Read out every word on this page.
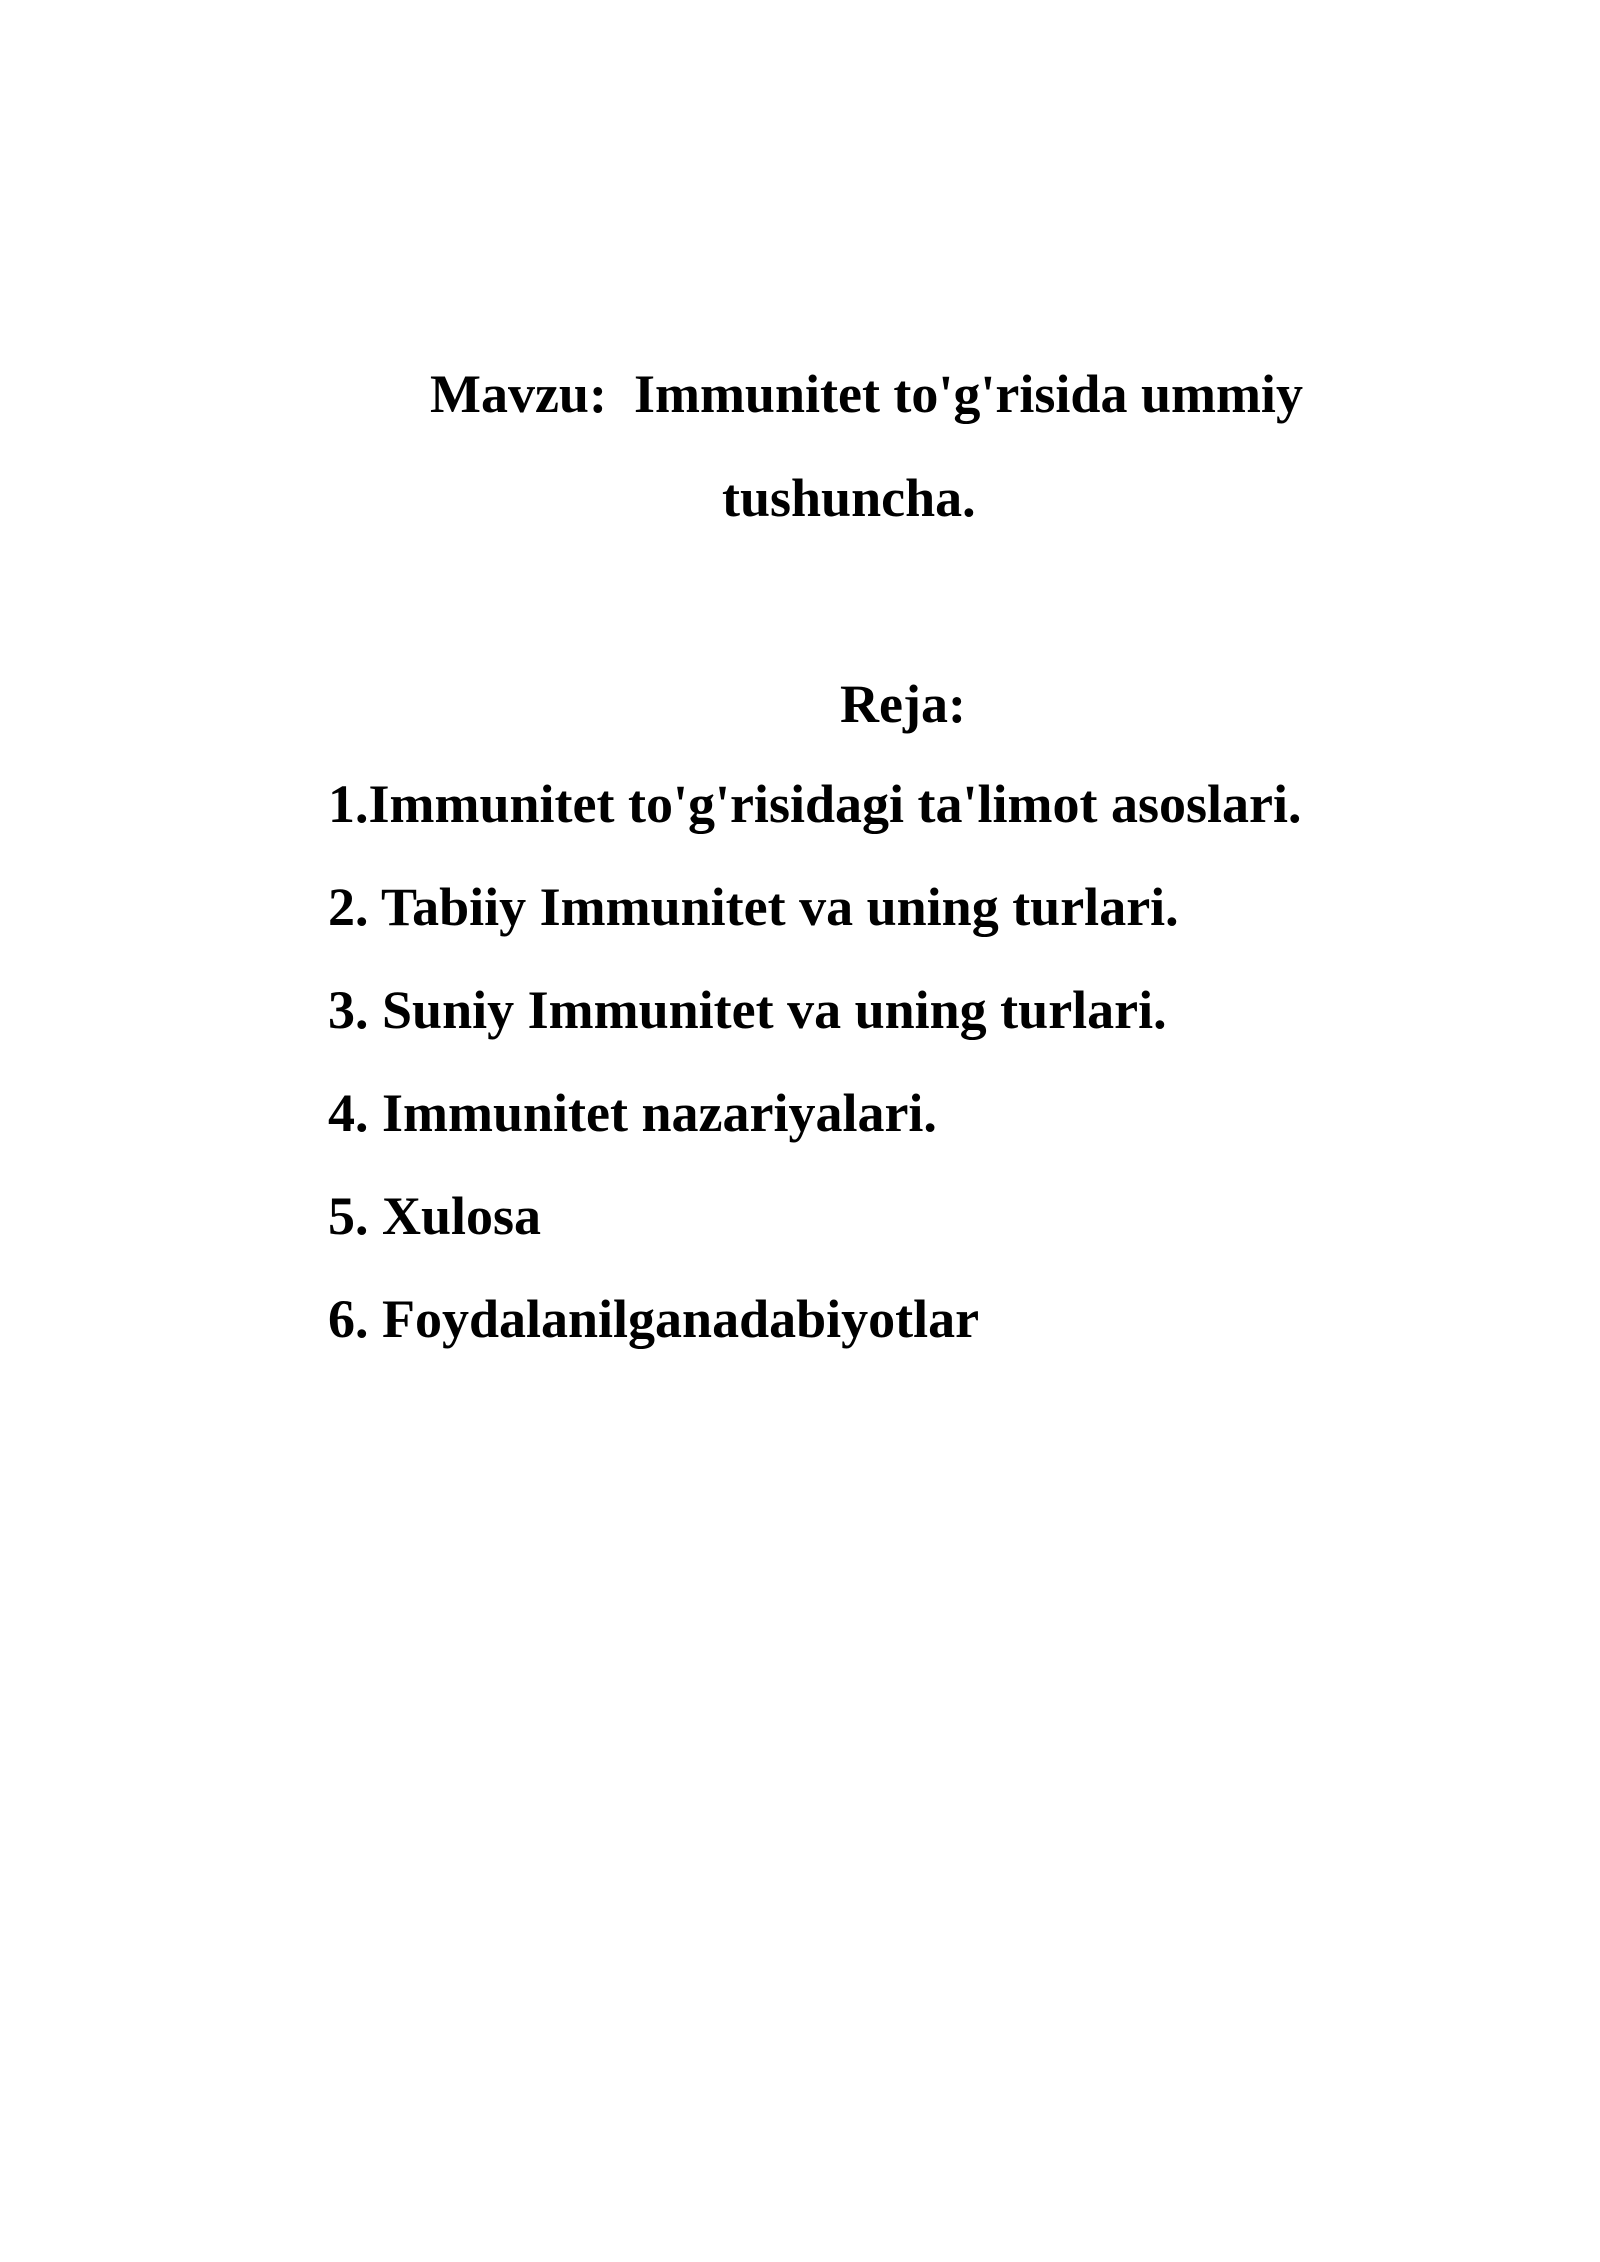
Mavzu:  Immunitet to'g'risida ummiy
tushuncha.
Reja:
1.Immunitet to'g'risidagi ta'limot asoslari.
2. Tabiiy Immunitet va uning turlari.
3. Suniy Immunitet va uning turlari.
4. Immunitet nazariyalari.
5. Xulosa
6. Foydalanilganadabiyotlar
